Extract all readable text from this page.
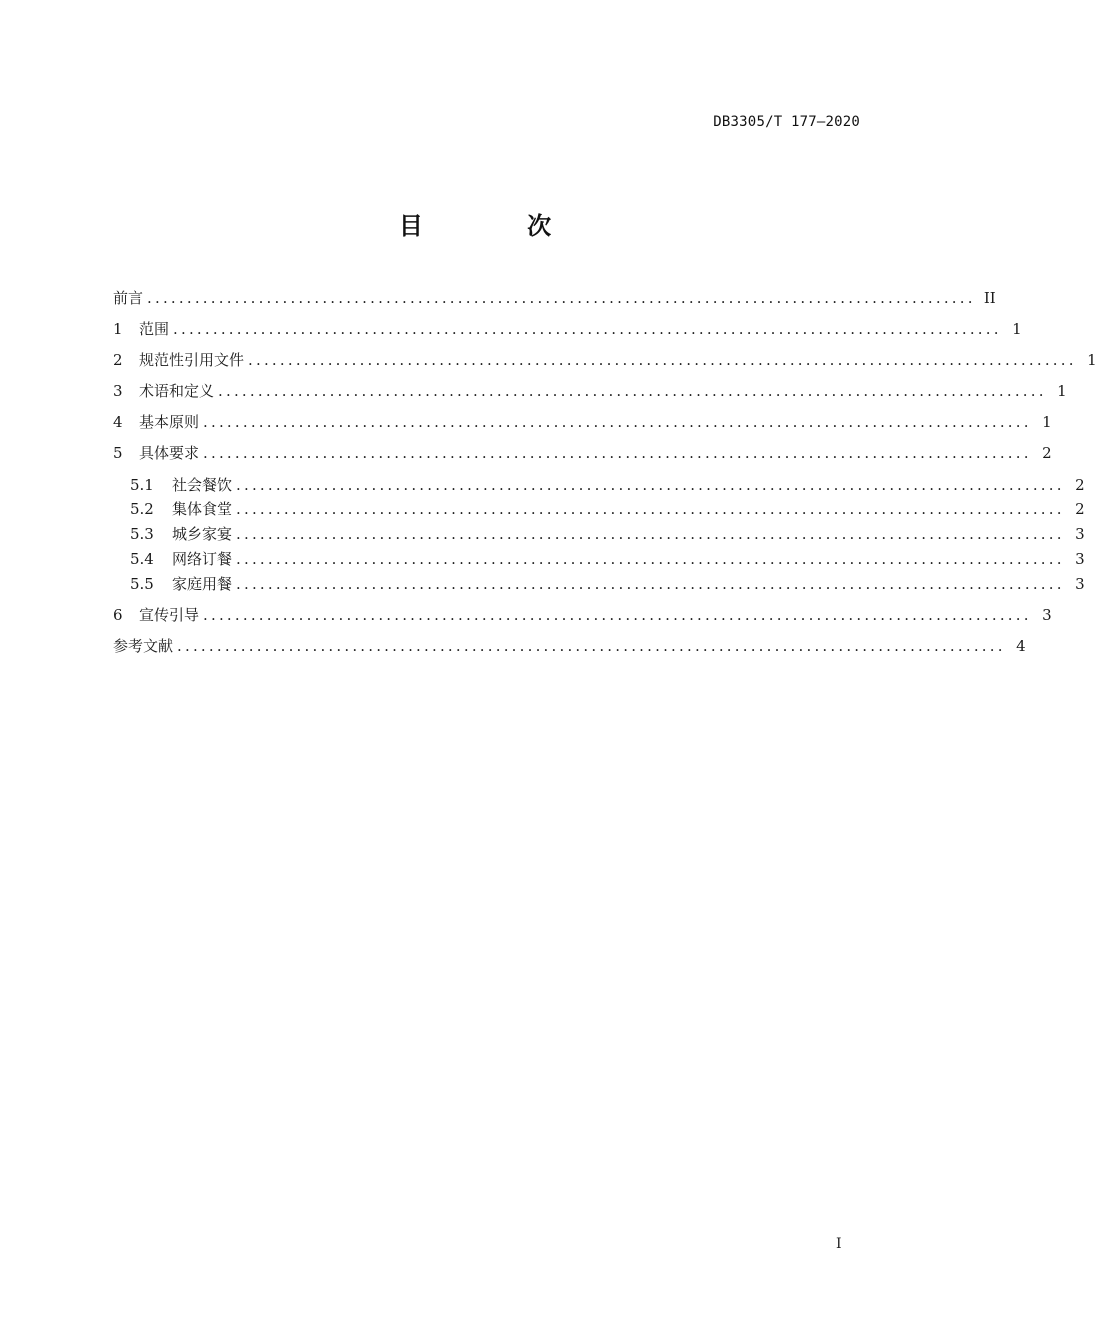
DB3305/T 177—2020
目 次
前言 ........................................................................................................ II
1	范围 ........................................................................................................ 1
2	规范性引用文件 ........................................................................................................ 1
3	术语和定义 ........................................................................................................ 1
4	基本原则 ........................................................................................................ 1
5	具体要求 ........................................................................................................ 2
5.1	社会餐饮 ........................................................................................................ 2
5.2	集体食堂 ........................................................................................................ 2
5.3	城乡家宴 ........................................................................................................ 3
5.4	网络订餐 ........................................................................................................ 3
5.5	家庭用餐 ........................................................................................................ 3
6	宣传引导 ........................................................................................................ 3
参考文献 ........................................................................................................ 4
I
